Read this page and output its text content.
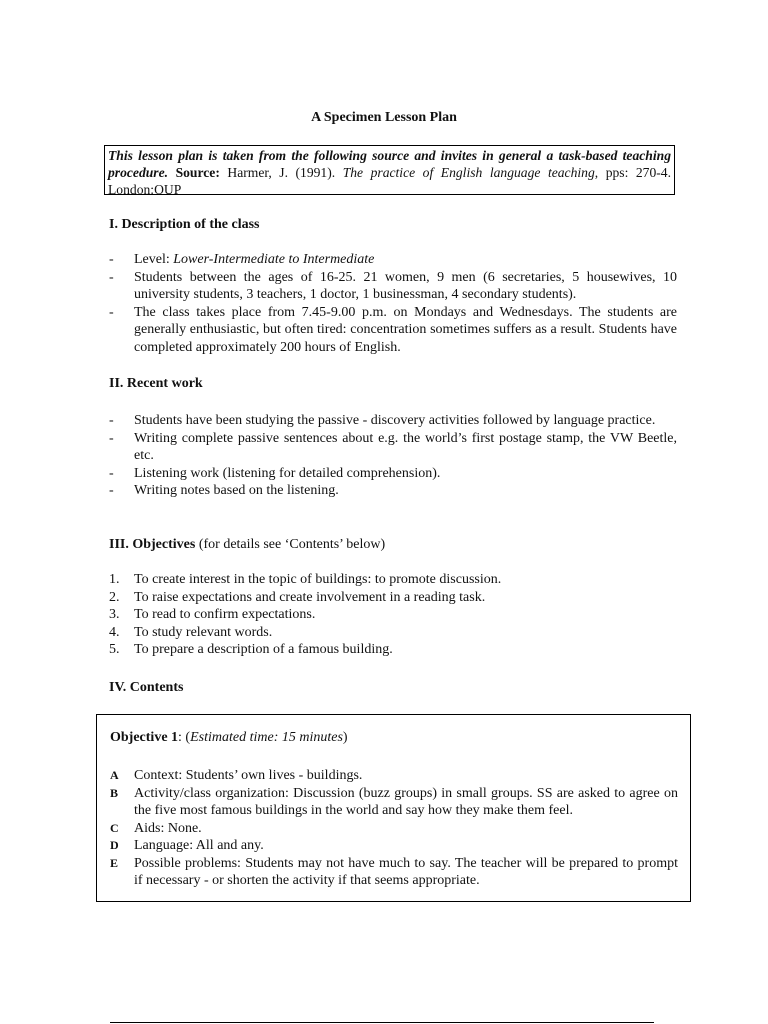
A Specimen Lesson Plan
This lesson plan is taken from the following source and invites in general a task-based teaching procedure. Source: Harmer, J. (1991). The practice of English language teaching, pps: 270-4. London:OUP
I. Description of the class
- Level: Lower-Intermediate to Intermediate
- Students between the ages of 16-25. 21 women, 9 men (6 secretaries, 5 housewives, 10 university students, 3 teachers, 1 doctor, 1 businessman, 4 secondary students).
- The class takes place from 7.45-9.00 p.m. on Mondays and Wednesdays. The students are generally enthusiastic, but often tired: concentration sometimes suffers as a result. Students have completed approximately 200 hours of English.
II. Recent work
- Students have been studying the passive - discovery activities followed by language practice.
- Writing complete passive sentences about e.g. the world’s first postage stamp, the VW Beetle, etc.
- Listening work (listening for detailed comprehension).
- Writing notes based on the listening.
III. Objectives (for details see ‘Contents’ below)
1. To create interest in the topic of buildings: to promote discussion.
2. To raise expectations and create involvement in a reading task.
3. To read to confirm expectations.
4. To study relevant words.
5. To prepare a description of a famous building.
IV. Contents
Objective 1: (Estimated time: 15 minutes)
A Context: Students’ own lives - buildings.
B Activity/class organization: Discussion (buzz groups) in small groups. SS are asked to agree on the five most famous buildings in the world and say how they make them feel.
C Aids: None.
D Language: All and any.
E Possible problems: Students may not have much to say. The teacher will be prepared to prompt if necessary - or shorten the activity if that seems appropriate.
